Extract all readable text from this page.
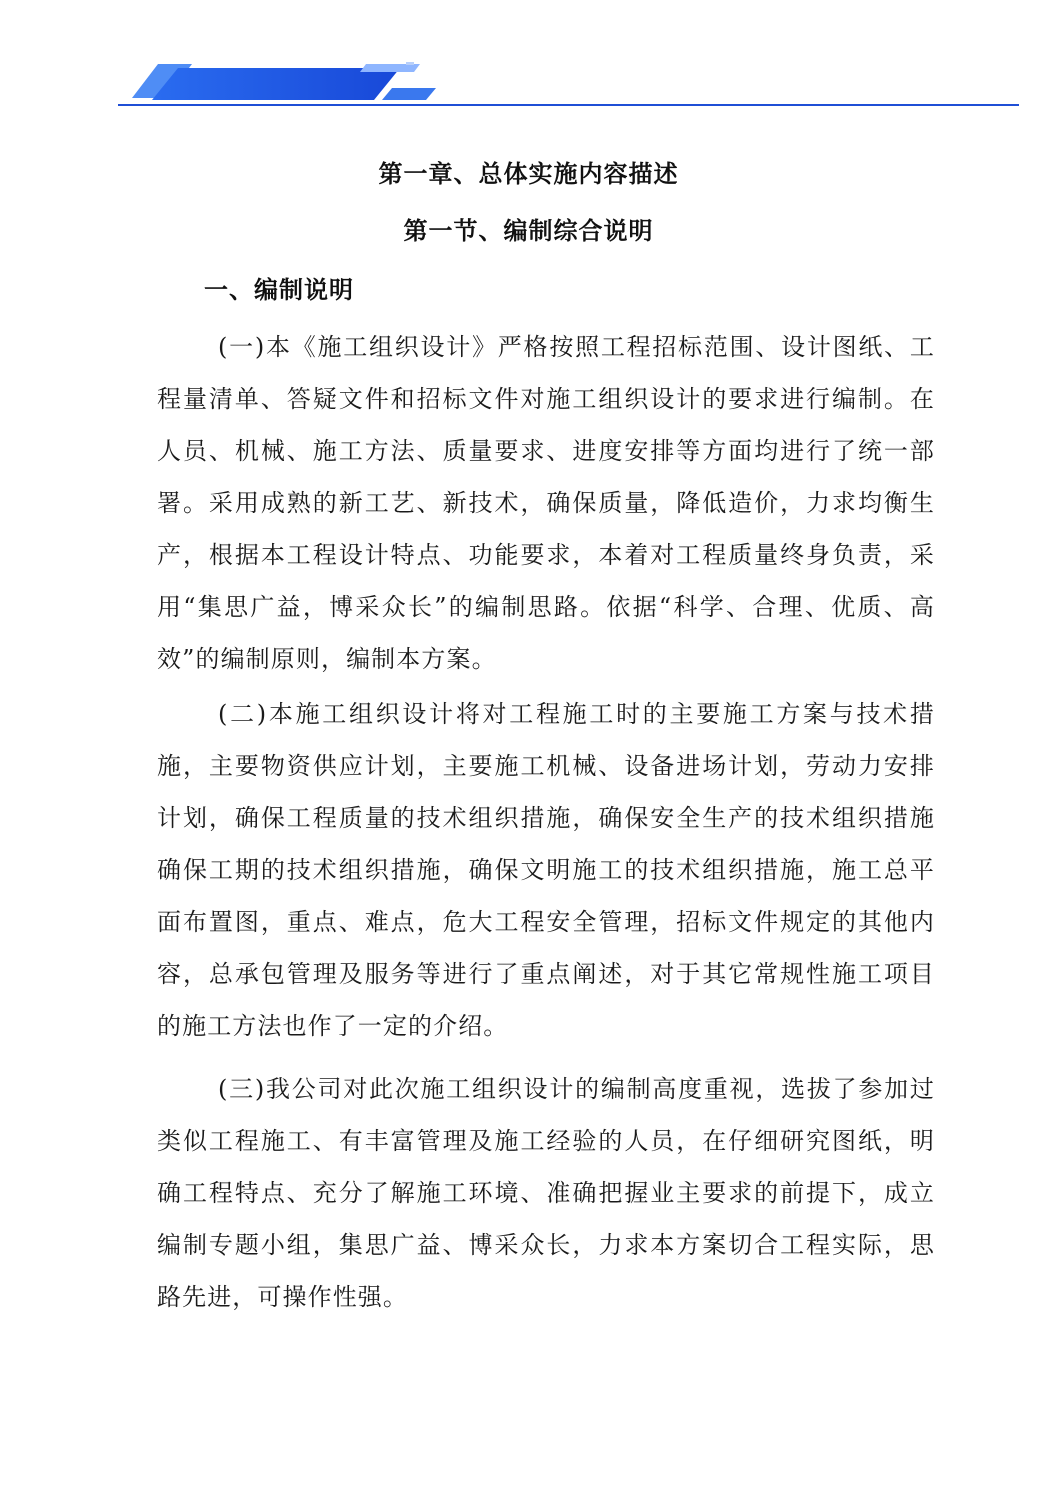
第一章、总体实施内容描述
第一节、编制综合说明
一、编制说明

(一)本《施工组织设计》严格按照工程招标范围、设计图纸、工程量清单、答疑文件和招标文件对施工组织设计的要求进行编制。在人员、机械、施工方法、质量要求、进度安排等方面均进行了统一部署。采用成熟的新工艺、新技术，确保质量，降低造价，力求均衡生产，根据本工程设计特点、功能要求，本着对工程质量终身负责，采用“集思广益，博采众长”的编制思路。依据“科学、合理、优质、高效”的编制原则，编制本方案。

(二)本施工组织设计将对工程施工时的主要施工方案与技术措施，主要物资供应计划，主要施工机械、设备进场计划，劳动力安排计划，确保工程质量的技术组织措施，确保安全生产的技术组织措施确保工期的技术组织措施，确保文明施工的技术组织措施，施工总平面布置图，重点、难点，危大工程安全管理，招标文件规定的其他内容，总承包管理及服务等进行了重点阐述，对于其它常规性施工项目的施工方法也作了一定的介绍。

(三)我公司对此次施工组织设计的编制高度重视，选拔了参加过类似工程施工、有丰富管理及施工经验的人员，在仔细研究图纸，明确工程特点、充分了解施工环境、准确把握业主要求的前提下，成立编制专题小组，集思广益、博采众长，力求本方案切合工程实际，思路先进，可操作性强。
